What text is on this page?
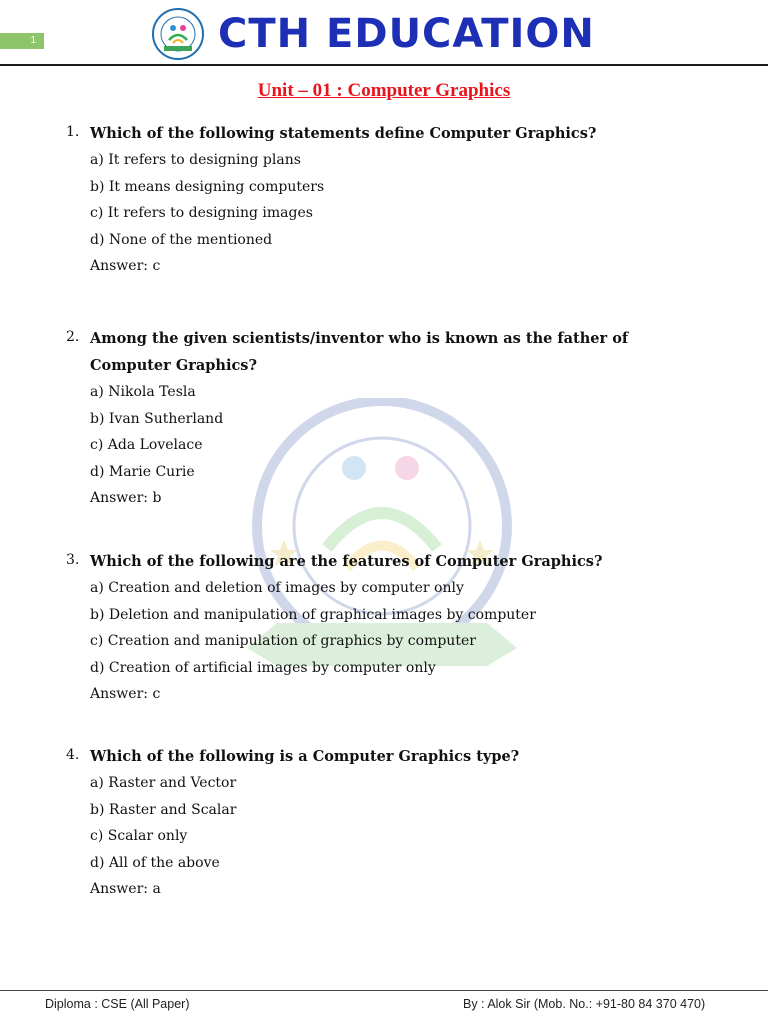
1	CTH EDUCATION
Unit – 01 : Computer Graphics
1. Which of the following statements define Computer Graphics?
a) It refers to designing plans
b) It means designing computers
c) It refers to designing images
d) None of the mentioned
Answer: c
2. Among the given scientists/inventor who is known as the father of Computer Graphics?
a) Nikola Tesla
b) Ivan Sutherland
c) Ada Lovelace
d) Marie Curie
Answer: b
3. Which of the following are the features of Computer Graphics?
a) Creation and deletion of images by computer only
b) Deletion and manipulation of graphical images by computer
c) Creation and manipulation of graphics by computer
d) Creation of artificial images by computer only
Answer: c
4. Which of the following is a Computer Graphics type?
a) Raster and Vector
b) Raster and Scalar
c) Scalar only
d) All of the above
Answer: a
Diploma : CSE (All Paper)	By : Alok Sir (Mob. No.: +91-80 84 370 470)
